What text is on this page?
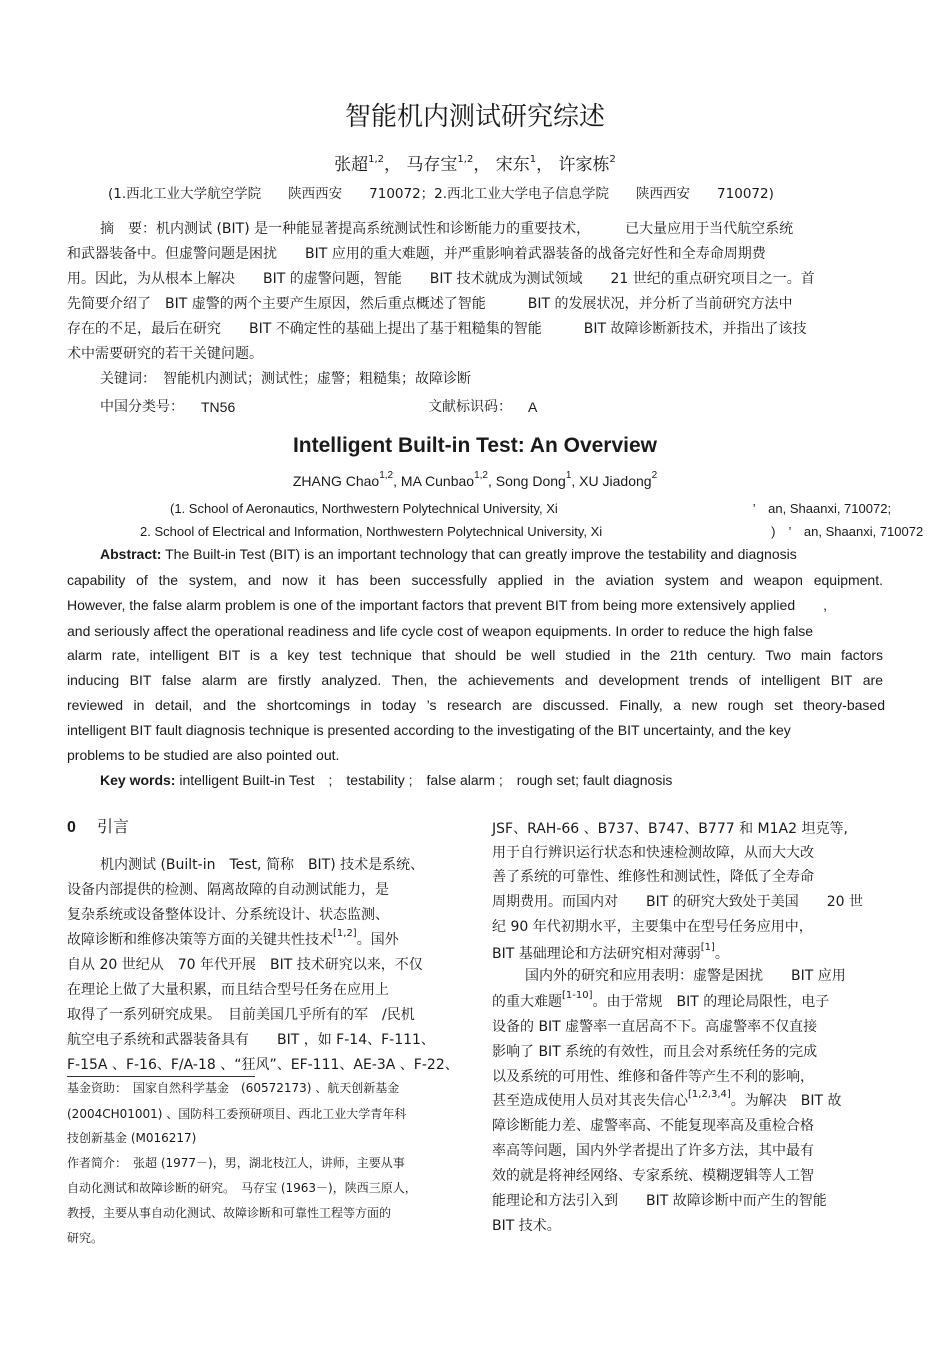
智能机内测试研究综述
张超$^{1,2}$， 马存宝$^{1,2}$， 宋东$^1$， 许家栋$^2$
(1.西北工业大学航空学院　　陕西西安　　710072；2.西北工业大学电子信息学院　　陕西西安　　710072)
摘　要：机内测试 (BIT) 是一种能显著提高系统测试性和诊断能力的重要技术，　　　已大量应用于当代航空系统
和武器装备中。但虚警问题是困扰　　BIT 应用的重大难题，并严重影响着武器装备的战备完好性和全寿命周期费
用。因此，为从根本上解决　　BIT 的虚警问题，智能　　BIT 技术就成为测试领域　　21 世纪的重点研究项目之一。首
先简要介绍了　BIT 虚警的两个主要产生原因，然后重点概述了智能　　　BIT 的发展状况，并分析了当前研究方法中
存在的不足，最后在研究　　BIT 不确定性的基础上提出了基于粗糙集的智能　　　BIT 故障诊断新技术，并指出了该技
术中需要研究的若干关键问题。
关键词：　智能机内测试；测试性；虚警；粗糙集；故障诊断
中国分类号： TN56	文献标识码： A
Intelligent Built-in Test: An Overview
ZHANG Chao$^{1,2}$, MA Cunbao$^{1,2}$, Song Dong$^1$, XU Jiadong$^2$
(1. School of Aeronautics, Northwestern Polytechnical University, Xi　　　　　　　　　　　　　　　’　an, Shaanxi, 710072;
2. School of Electrical and Information, Northwestern Polytechnical University, Xi　　　　　　　　　　　　　)　’　an, Shaanxi, 710072
Abstract: The Built-in Test (BIT) is an important technology that can greatly improve the testability and diagnosis
capability of the system, and now it has been successfully applied in the aviation system and weapon equipment.
However, the false alarm problem is one of the important factors that prevent BIT from being more extensively applied　　,
and seriously affect the operational readiness and life cycle cost of weapon equipments. In order to reduce the high false
alarm rate, intelligent BIT is a key test technique that should be well studied in the 21th century. Two main factors
inducing BIT false alarm are firstly analyzed. Then, the achievements and development trends of intelligent BIT are
reviewed in detail, and the shortcomings in today ’s research are discussed. Finally, a new rough set theory-based
intelligent BIT fault diagnosis technique is presented according to the investigating of the BIT uncertainty, and the key
problems to be studied are also pointed out.
Key words: intelligent Built-in Test　;　testability ;　false alarm ;　rough set; fault diagnosis
0 引言
机内测试 (Built-in　Test, 简称　BIT) 技术是系统、
设备内部提供的检测、隔离故障的自动测试能力，是
复杂系统或设备整体设计、分系统设计、状态监测、
故障诊断和维修决策等方面的关键共性技术[1,2]。国外
自从 20 世纪从　70 年代开展　BIT 技术研究以来，不仅
在理论上做了大量积累，而且结合型号任务在应用上
取得了一系列研究成果。　目前美国几乎所有的军　/民机
航空电子系统和武器装备具有　　BIT ，如 F-14、F-111、
F-15A 、F-16、F/A-18 、“狂风”、EF-111、AE-3A 、F-22、
基金资助：　国家自然科学基金　(60572173) 、航天创新基金
(2004CH01001) 、国防科工委预研项目、西北工业大学青年科
技创新基金 (M016217)
作者简介：　张超 (1977－)，男，湖北枝江人，讲师，主要从事
自动化测试和故障诊断的研究。　马存宝 (1963－)，陕西三原人，
教授，主要从事自动化测试、故障诊断和可靠性工程等方面的
研究。
JSF、RAH-66 、B737、B747、B777 和 M1A2 坦克等,
用于自行辨识运行状态和快速检测故障，从而大大改
善了系统的可靠性、维修性和测试性，降低了全寿命
周期费用。而国内对　　BIT 的研究大致处于美国　　20 世
纪 90 年代初期水平，主要集中在型号任务应用中，
BIT 基础理论和方法研究相对薄弱[1]。
国内外的研究和应用表明：虚警是困扰　　BIT 应用
的重大难题[1-10]。由于常规　BIT 的理论局限性，电子
设备的 BIT 虚警率一直居高不下。高虚警率不仅直接
影响了 BIT 系统的有效性，而且会对系统任务的完成
以及系统的可用性、维修和备件等产生不利的影响，
甚至造成使用人员对其丧失信心[1,2,3,4]。为解决　BIT 故
障诊断能力差、虚警率高、不能复现率高及重检合格
率高等问题，国内外学者提出了许多方法，其中最有
效的就是将神经网络、专家系统、模糊逻辑等人工智
能理论和方法引入到　　BIT 故障诊断中而产生的智能
BIT 技术。
